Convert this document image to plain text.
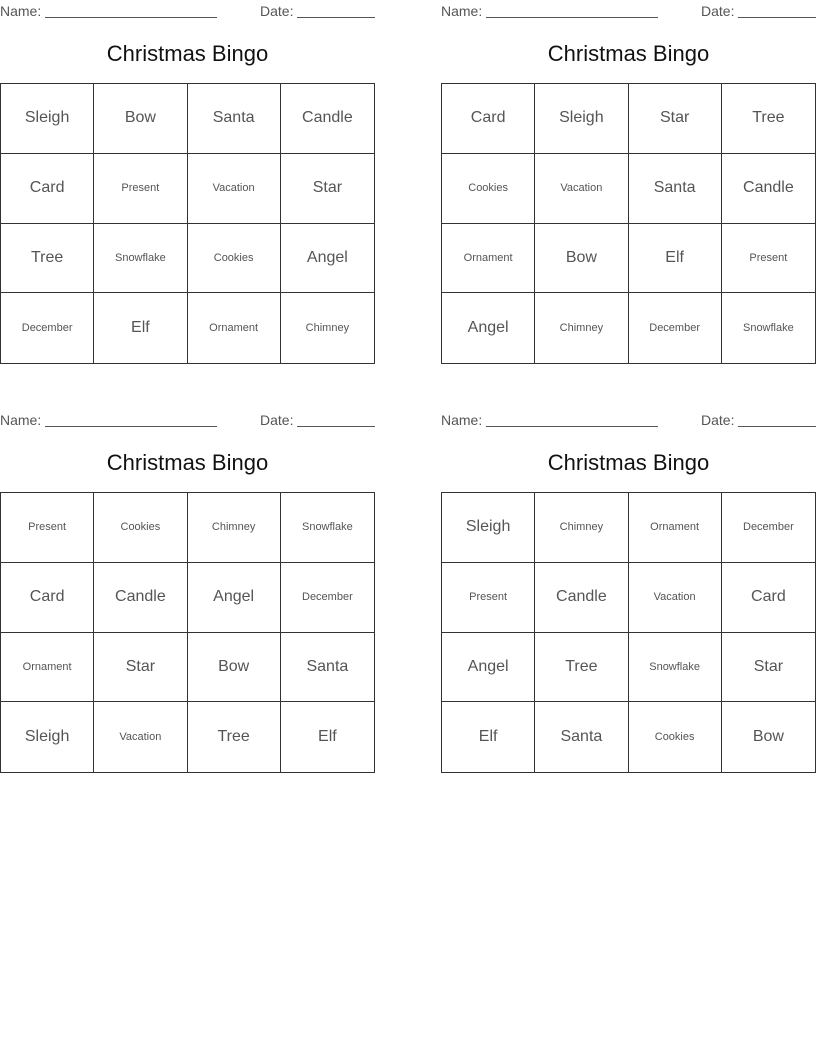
Name:	Date:
Christmas Bingo
Sleigh	Bow	Santa	Candle
Card	Present	Vacation	Star
Tree	Snowflake	Cookies	Angel
December	Elf	Ornament	Chimney
Name:	Date:
Christmas Bingo
Card	Sleigh	Star	Tree
Cookies	Vacation	Santa	Candle
Ornament	Bow	Elf	Present
Angel	Chimney	December	Snowflake
Name:	Date:
Christmas Bingo
Present	Cookies	Chimney	Snowflake
Card	Candle	Angel	December
Ornament	Star	Bow	Santa
Sleigh	Vacation	Tree	Elf
Name:	Date:
Christmas Bingo
Sleigh	Chimney	Ornament	December
Present	Candle	Vacation	Card
Angel	Tree	Snowflake	Star
Elf	Santa	Cookies	Bow
